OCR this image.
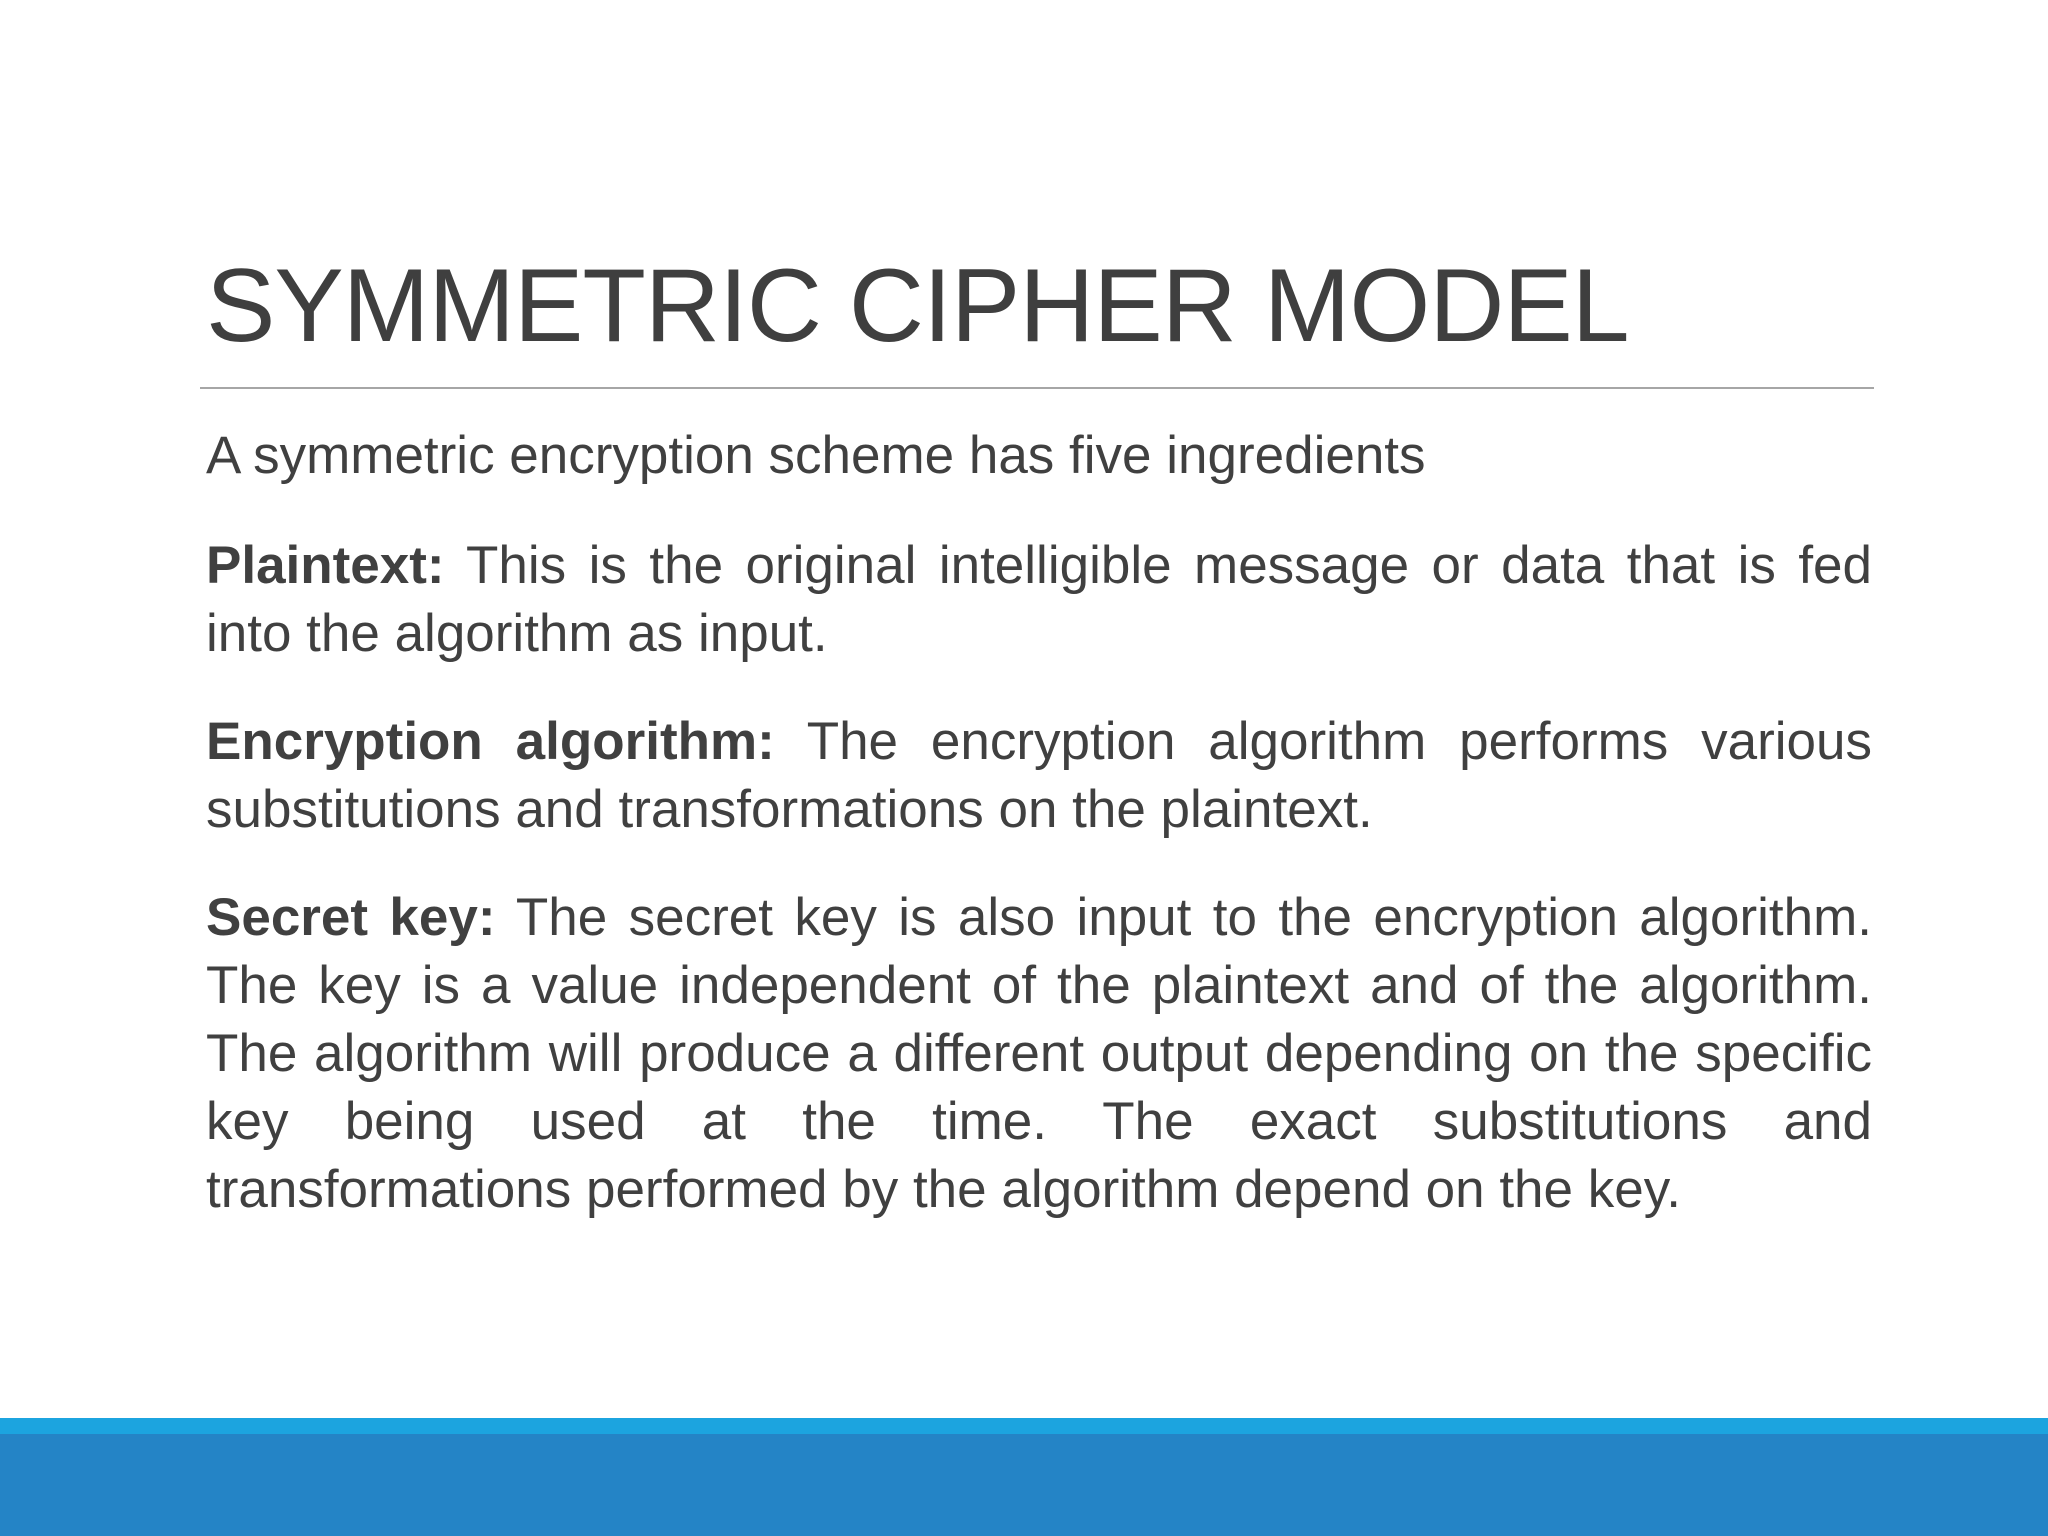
SYMMETRIC CIPHER MODEL

A symmetric encryption scheme has five ingredients

Plaintext: This is the original intelligible message or data that is fed into the algorithm as input.

Encryption algorithm: The encryption algorithm performs various substitutions and transformations on the plaintext.

Secret key: The secret key is also input to the encryption algorithm. The key is a value independent of the plaintext and of the algorithm. The algorithm will produce a different output depending on the specific key being used at the time. The exact substitutions and transformations performed by the algorithm depend on the key.
